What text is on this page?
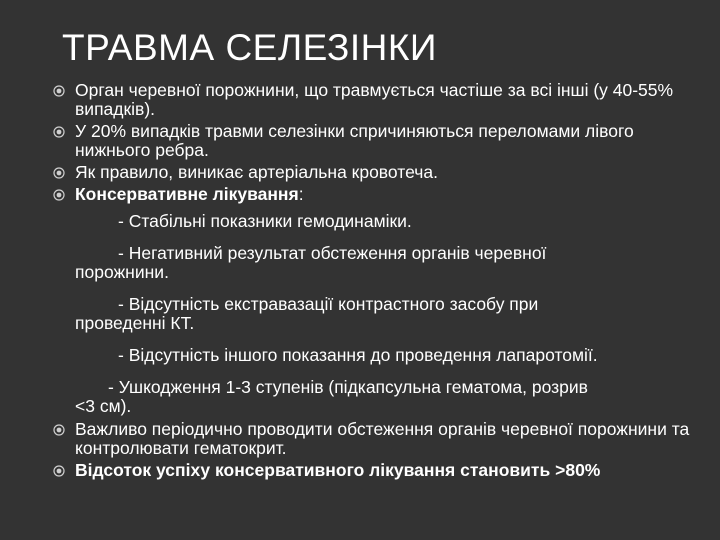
ТРАВМА СЕЛЕЗІНКИ
Орган черевної порожнини, що травмується частіше за всі інші (у 40-55% випадків).
У 20% випадків травми селезінки спричиняються переломами лівого нижнього ребра.
Як правило, виникає артеріальна кровотеча.
Консервативне лікування:

- Стабільні показники гемодинаміки.

- Негативний результат обстеження органів черевної
порожнини.

- Відсутність екстравазації контрастного засобу при
проведенні КТ.

- Відсутність іншого показання до проведення лапаротомії.

- Ушкодження 1-3 ступенів (підкапсульна гематома, розрив
<3 см).

Важливо періодично проводити обстеження органів черевної порожнини та контролювати гематокрит.
Відсоток успіху консервативного лікування становить >80%
